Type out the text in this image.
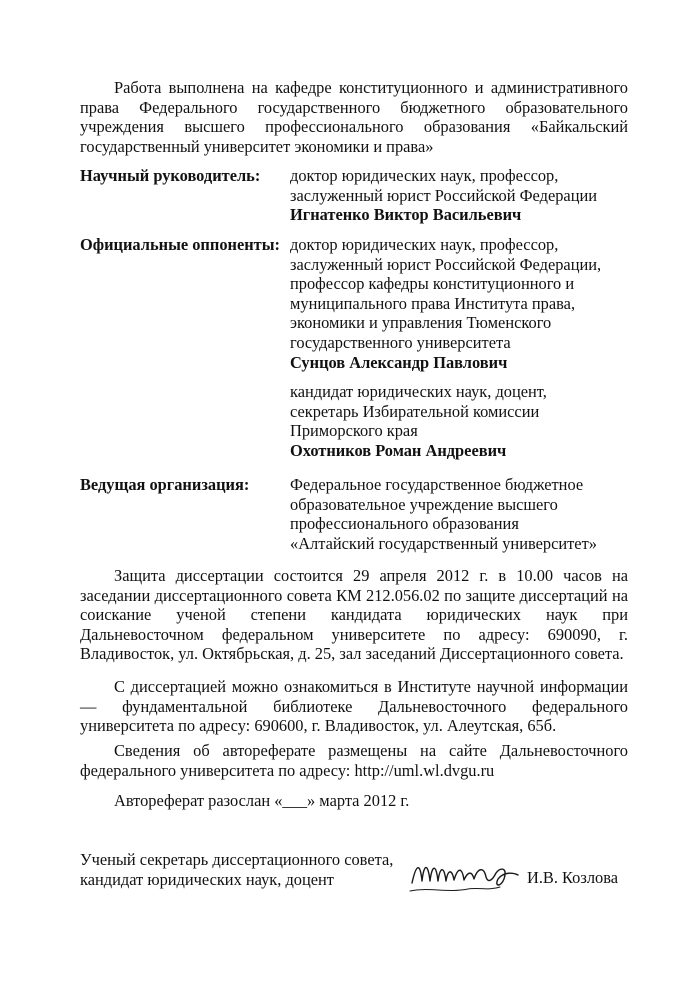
Работа выполнена на кафедре конституционного и административного права Федерального государственного бюджетного образовательного учреждения высшего профессионального образования «Байкальский государственный университет экономики и права»

Научный руководитель: доктор юридических наук, профессор,
заслуженный юрист Российской Федерации
Игнатенко Виктор Васильевич
Официальные оппоненты: доктор юридических наук, профессор,
заслуженный юрист Российской Федерации,
профессор кафедры конституционного и
муниципального права Института права,
экономики и управления Тюменского
государственного университета
Сунцов Александр Павлович
кандидат юридических наук, доцент,
секретарь Избирательной комиссии
Приморского края
Охотников Роман Андреевич
Ведущая организация: Федеральное государственное бюджетное
образовательное учреждение высшего
профессионального образования
«Алтайский государственный университет»

Защита диссертации состоится 29 апреля 2012 г. в 10.00 часов на заседании диссертационного совета КМ 212.056.02 по защите диссертаций на соискание ученой степени кандидата юридических наук при Дальневосточном федеральном университете по адресу: 690090, г. Владивосток, ул. Октябрьская, д. 25, зал заседаний Диссертационного совета.

С диссертацией можно ознакомиться в Институте научной информации — фундаментальной библиотеке Дальневосточного федерального университета по адресу: 690600, г. Владивосток, ул. Алеутская, 65б.

Сведения об автореферате размещены на сайте Дальневосточного федерального университета по адресу: http://uml.wl.dvgu.ru

Автореферат разослан «___» марта 2012 г.
Ученый секретарь диссертационного совета,
кандидат юридических наук, доцент	И.В. Козлова
